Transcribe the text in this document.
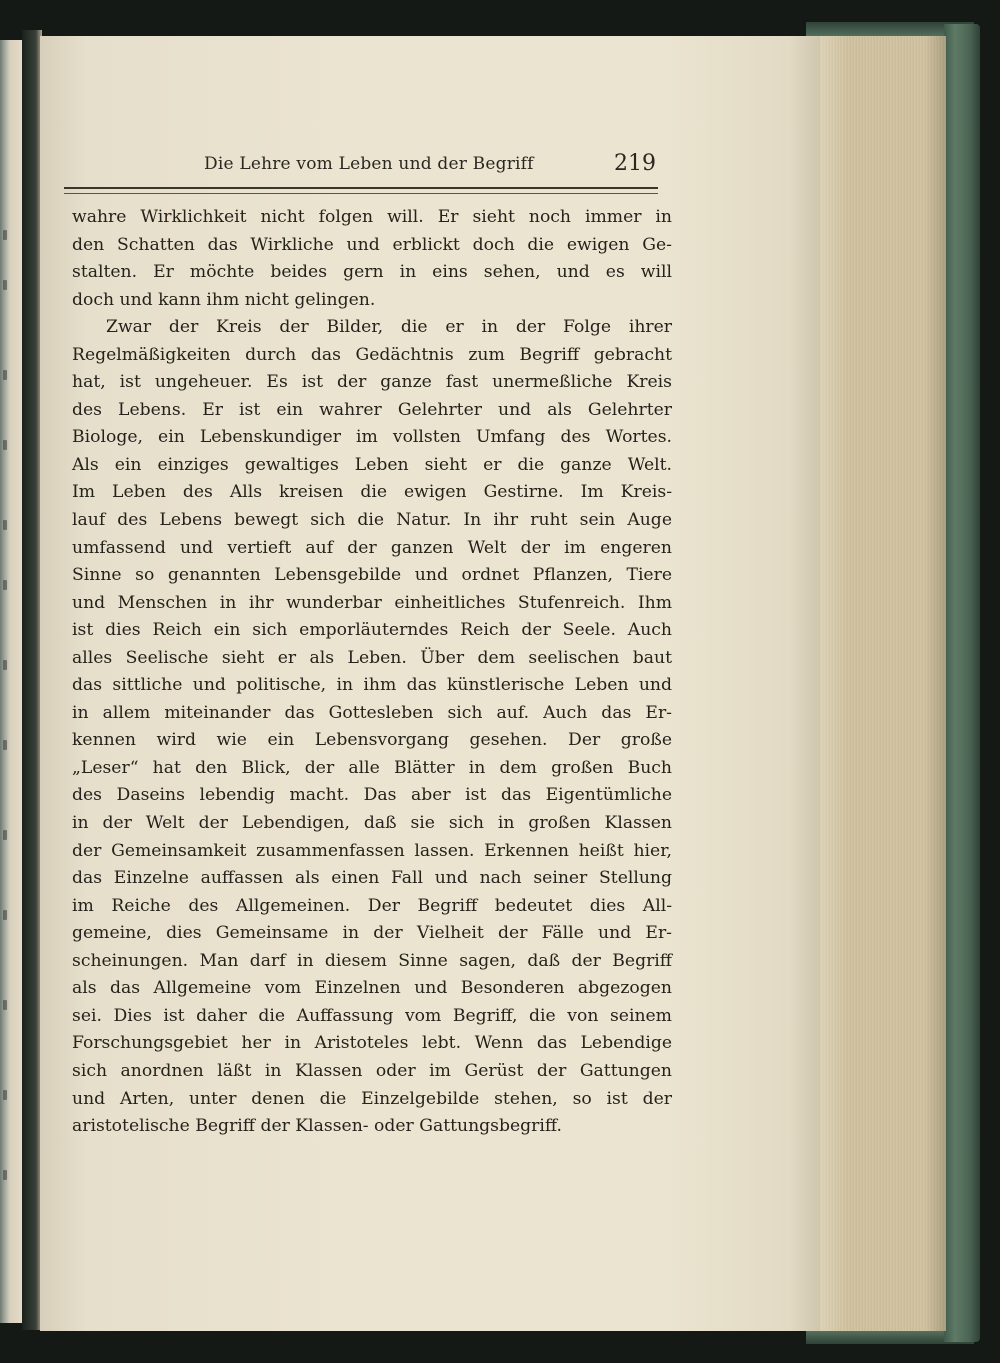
Die Lehre vom Leben und der Begriff	219
wahre Wirklichkeit nicht folgen will. Er sieht noch immer in
den Schatten das Wirkliche und erblickt doch die ewigen Ge-
stalten. Er möchte beides gern in eins sehen, und es will
doch und kann ihm nicht gelingen.
Zwar der Kreis der Bilder, die er in der Folge ihrer
Regelmäßigkeiten durch das Gedächtnis zum Begriff gebracht
hat, ist ungeheuer. Es ist der ganze fast unermeßliche Kreis
des Lebens. Er ist ein wahrer Gelehrter und als Gelehrter
Biologe, ein Lebenskundiger im vollsten Umfang des Wortes.
Als ein einziges gewaltiges Leben sieht er die ganze Welt.
Im Leben des Alls kreisen die ewigen Gestirne. Im Kreis-
lauf des Lebens bewegt sich die Natur. In ihr ruht sein Auge
umfassend und vertieft auf der ganzen Welt der im engeren
Sinne so genannten Lebensgebilde und ordnet Pflanzen, Tiere
und Menschen in ihr wunderbar einheitliches Stufenreich. Ihm
ist dies Reich ein sich emporläuterndes Reich der Seele. Auch
alles Seelische sieht er als Leben. Über dem seelischen baut
das sittliche und politische, in ihm das künstlerische Leben und
in allem miteinander das Gottesleben sich auf. Auch das Er-
kennen wird wie ein Lebensvorgang gesehen. Der große
„Leser“ hat den Blick, der alle Blätter in dem großen Buch
des Daseins lebendig macht. Das aber ist das Eigentümliche
in der Welt der Lebendigen, daß sie sich in großen Klassen
der Gemeinsamkeit zusammenfassen lassen. Erkennen heißt hier,
das Einzelne auffassen als einen Fall und nach seiner Stellung
im Reiche des Allgemeinen. Der Begriff bedeutet dies All-
gemeine, dies Gemeinsame in der Vielheit der Fälle und Er-
scheinungen. Man darf in diesem Sinne sagen, daß der Begriff
als das Allgemeine vom Einzelnen und Besonderen abgezogen
sei. Dies ist daher die Auffassung vom Begriff, die von seinem
Forschungsgebiet her in Aristoteles lebt. Wenn das Lebendige
sich anordnen läßt in Klassen oder im Gerüst der Gattungen
und Arten, unter denen die Einzelgebilde stehen, so ist der
aristotelische Begriff der Klassen- oder Gattungsbegriff.
